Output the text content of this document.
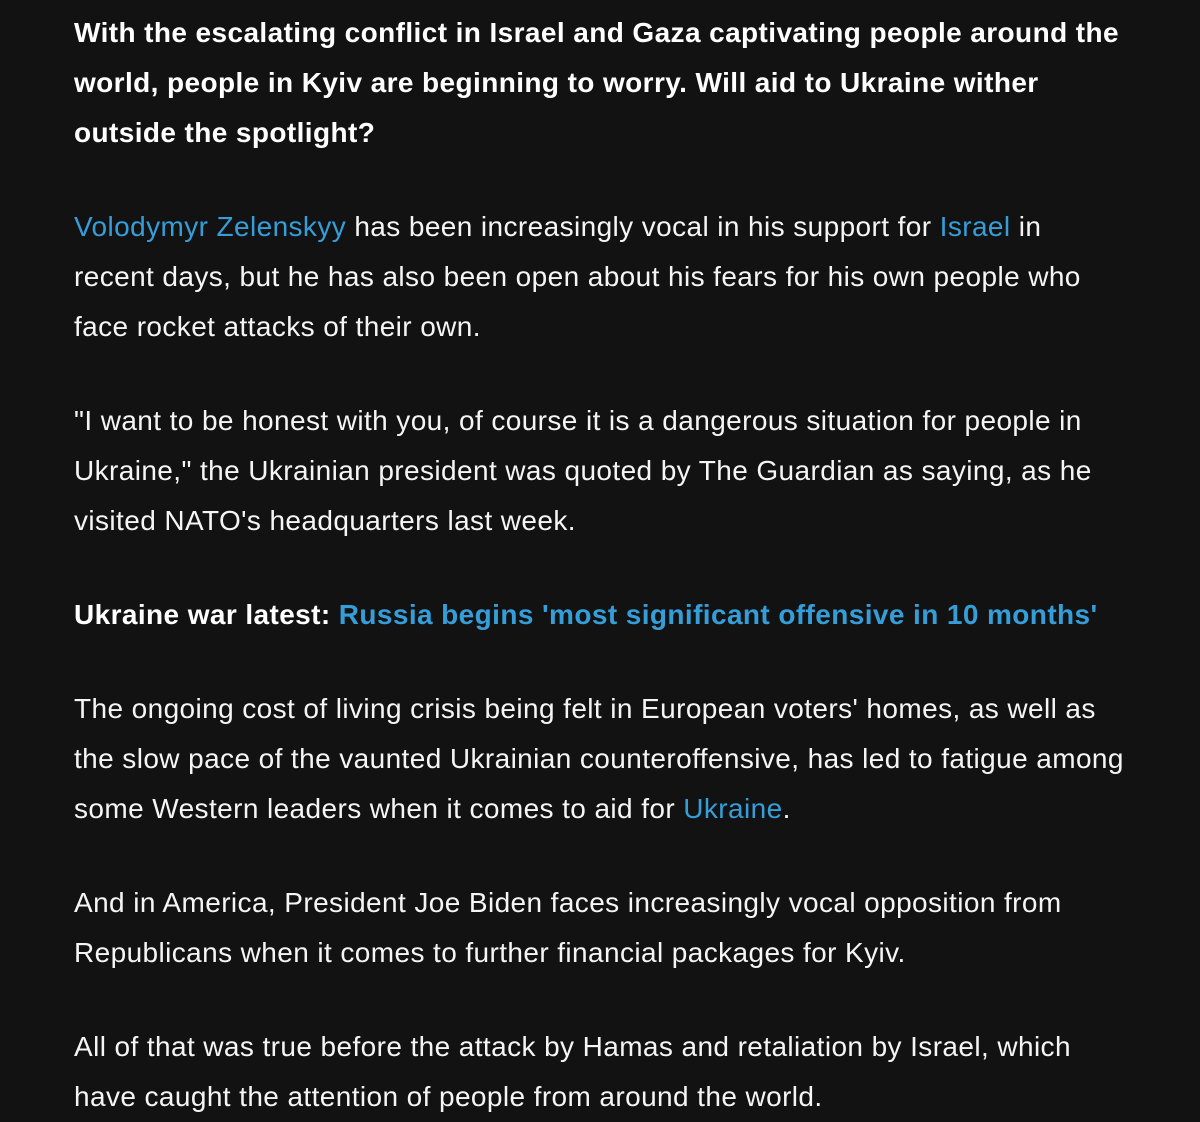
With the escalating conflict in Israel and Gaza captivating people around the world, people in Kyiv are beginning to worry. Will aid to Ukraine wither outside the spotlight?

Volodymyr Zelenskyy has been increasingly vocal in his support for Israel in recent days, but he has also been open about his fears for his own people who face rocket attacks of their own.

"I want to be honest with you, of course it is a dangerous situation for people in Ukraine," the Ukrainian president was quoted by The Guardian as saying, as he visited NATO's headquarters last week.

Ukraine war latest: Russia begins 'most significant offensive in 10 months'

The ongoing cost of living crisis being felt in European voters' homes, as well as the slow pace of the vaunted Ukrainian counteroffensive, has led to fatigue among some Western leaders when it comes to aid for Ukraine.

And in America, President Joe Biden faces increasingly vocal opposition from Republicans when it comes to further financial packages for Kyiv.

All of that was true before the attack by Hamas and retaliation by Israel, which have caught the attention of people from around the world.
